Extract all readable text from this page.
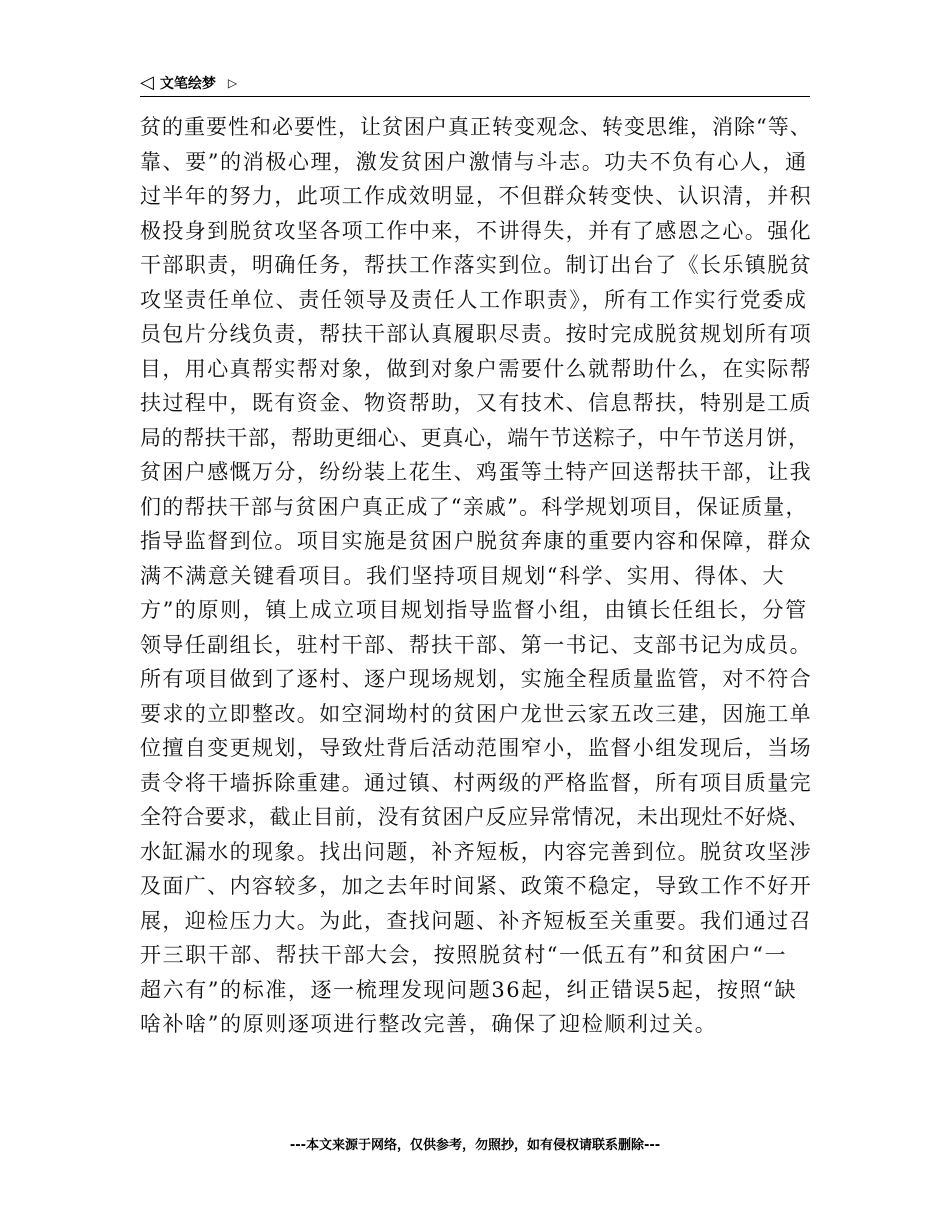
◁ 文笔绘梦 ▷
贫的重要性和必要性，让贫困户真正转变观念、转变思维，消除“等、
靠、要”的消极心理，激发贫困户激情与斗志。功夫不负有心人，通
过半年的努力，此项工作成效明显，不但群众转变快、认识清，并积
极投身到脱贫攻坚各项工作中来，不讲得失，并有了感恩之心。强化
干部职责，明确任务，帮扶工作落实到位。制订出台了《长乐镇脱贫
攻坚责任单位、责任领导及责任人工作职责》，所有工作实行党委成
员包片分线负责，帮扶干部认真履职尽责。按时完成脱贫规划所有项
目，用心真帮实帮对象，做到对象户需要什么就帮助什么，在实际帮
扶过程中，既有资金、物资帮助，又有技术、信息帮扶，特别是工质
局的帮扶干部，帮助更细心、更真心，端午节送粽子，中午节送月饼，
贫困户感慨万分，纷纷装上花生、鸡蛋等土特产回送帮扶干部，让我
们的帮扶干部与贫困户真正成了“亲戚”。科学规划项目，保证质量，
指导监督到位。项目实施是贫困户脱贫奔康的重要内容和保障，群众
满不满意关键看项目。我们坚持项目规划“科学、实用、得体、大
方”的原则，镇上成立项目规划指导监督小组，由镇长任组长，分管
领导任副组长，驻村干部、帮扶干部、第一书记、支部书记为成员。
所有项目做到了逐村、逐户现场规划，实施全程质量监管，对不符合
要求的立即整改。如空洞坳村的贫困户龙世云家五改三建，因施工单
位擅自变更规划，导致灶背后活动范围窄小，监督小组发现后，当场
责令将干墙拆除重建。通过镇、村两级的严格监督，所有项目质量完
全符合要求，截止目前，没有贫困户反应异常情况，未出现灶不好烧、
水缸漏水的现象。找出问题，补齐短板，内容完善到位。脱贫攻坚涉
及面广、内容较多，加之去年时间紧、政策不稳定，导致工作不好开
展，迎检压力大。为此，查找问题、补齐短板至关重要。我们通过召
开三职干部、帮扶干部大会，按照脱贫村“一低五有”和贫困户“一
超六有”的标准，逐一梳理发现问题36起，纠正错误5起，按照“缺
啥补啥”的原则逐项进行整改完善，确保了迎检顺利过关。
---本文来源于网络，仅供参考，勿照抄，如有侵权请联系删除---
